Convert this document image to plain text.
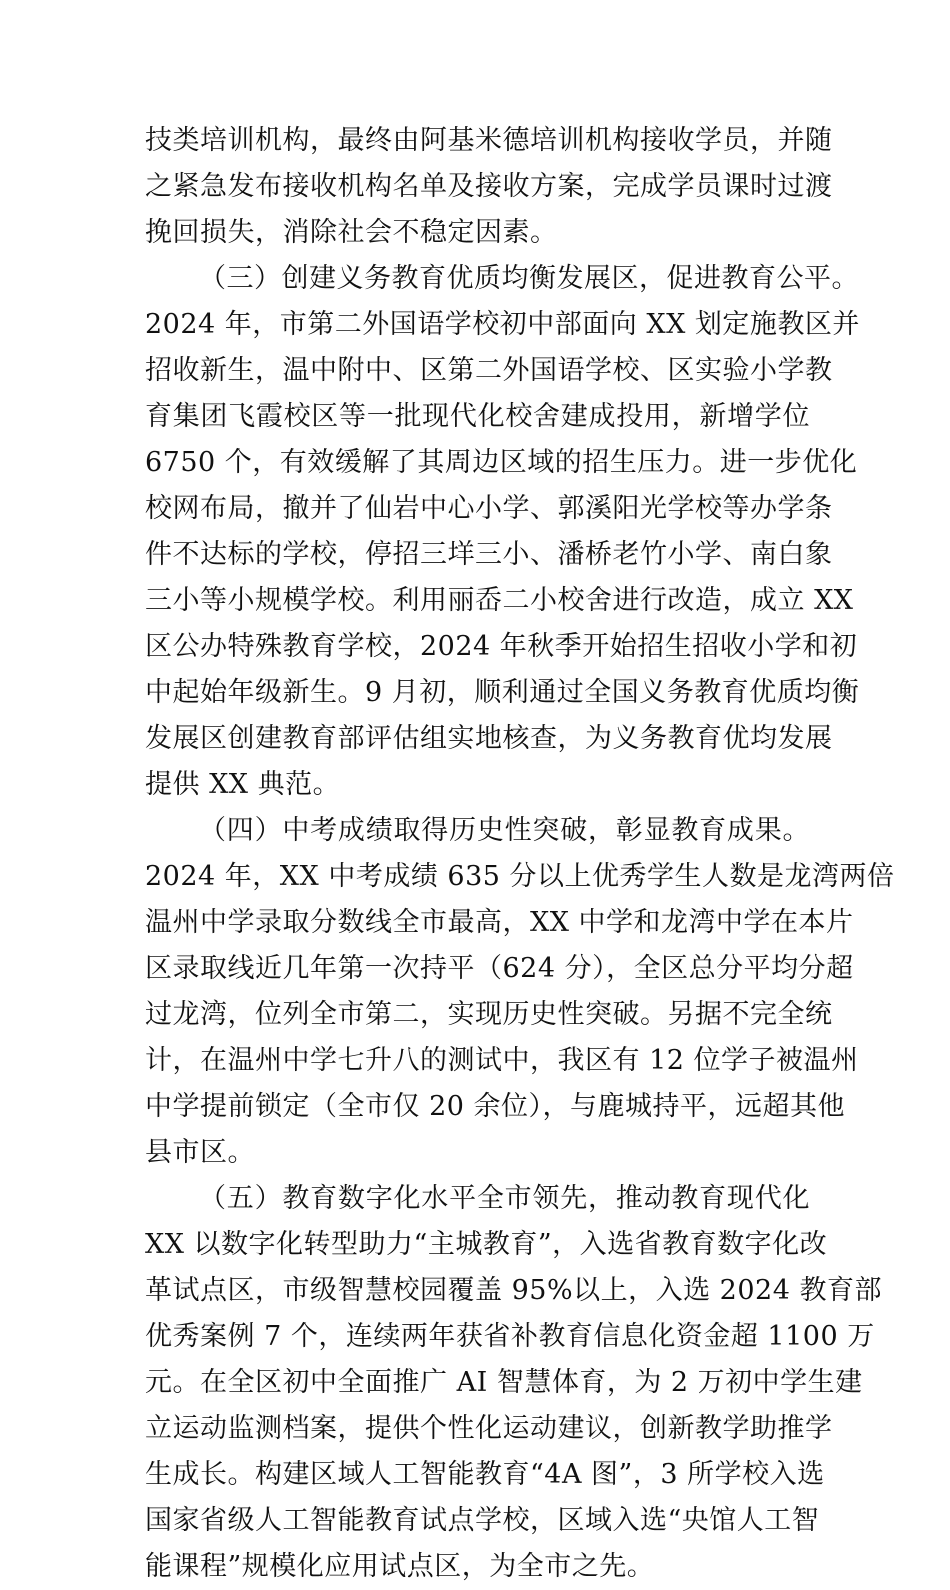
技类培训机构，最终由阿基米德培训机构接收学员，并随
之紧急发布接收机构名单及接收方案，完成学员课时过渡
挽回损失，消除社会不稳定因素。
（三）创建义务教育优质均衡发展区，促进教育公平。
2024 年，市第二外国语学校初中部面向 XX 划定施教区并
招收新生，温中附中、区第二外国语学校、区实验小学教
育集团飞霞校区等一批现代化校舍建成投用，新增学位
6750 个，有效缓解了其周边区域的招生压力。进一步优化
校网布局，撤并了仙岩中心小学、郭溪阳光学校等办学条
件不达标的学校，停招三垟三小、潘桥老竹小学、南白象
三小等小规模学校。利用丽岙二小校舍进行改造，成立 XX
区公办特殊教育学校，2024 年秋季开始招生招收小学和初
中起始年级新生。9 月初，顺利通过全国义务教育优质均衡
发展区创建教育部评估组实地核查，为义务教育优均发展
提供 XX 典范。
（四）中考成绩取得历史性突破，彰显教育成果。
2024 年，XX 中考成绩 635 分以上优秀学生人数是龙湾两倍
温州中学录取分数线全市最高，XX 中学和龙湾中学在本片
区录取线近几年第一次持平（624 分），全区总分平均分超
过龙湾，位列全市第二，实现历史性突破。另据不完全统
计，在温州中学七升八的测试中，我区有 12 位学子被温州
中学提前锁定（全市仅 20 余位），与鹿城持平，远超其他
县市区。
（五）教育数字化水平全市领先，推动教育现代化
XX 以数字化转型助力“主城教育”，入选省教育数字化改
革试点区，市级智慧校园覆盖 95%以上，入选 2024 教育部
优秀案例 7 个，连续两年获省补教育信息化资金超 1100 万
元。在全区初中全面推广 AI 智慧体育，为 2 万初中学生建
立运动监测档案，提供个性化运动建议，创新教学助推学
生成长。构建区域人工智能教育“4A 图”，3 所学校入选
国家省级人工智能教育试点学校，区域入选“央馆人工智
能课程”规模化应用试点区，为全市之先。
